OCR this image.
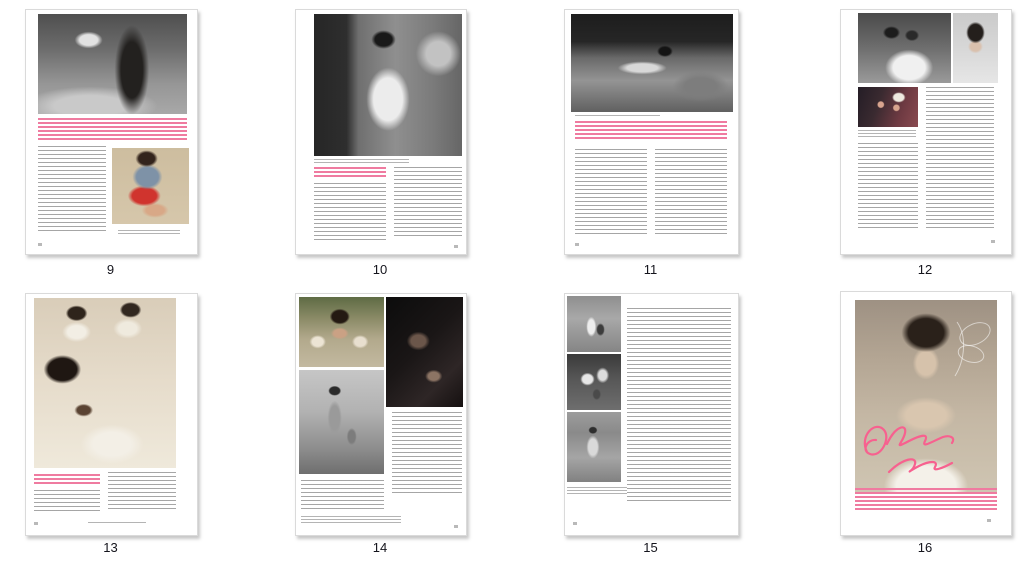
9	10	11	12
13	14	15	16
